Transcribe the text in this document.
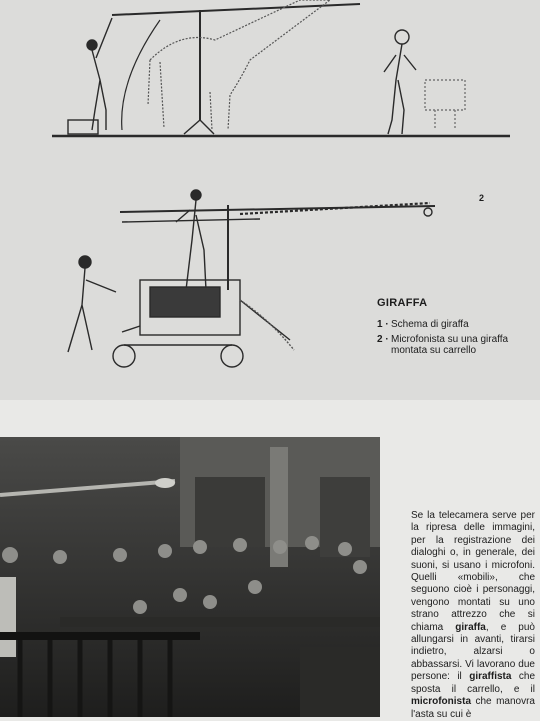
2
GIRAFFA
1 · Schema di giraffa
2 · Microfonista su una giraffa montata su carrello
Se la telecamera serve per la ripresa delle immagini, per la registrazione dei dialoghi o, in generale, dei suoni, si usano i microfoni. Quelli «mobili», che seguono cioè i personaggi, vengono montati su uno strano attrezzo che si chiama giraffa, e può allungarsi in avanti, tirarsi indietro, alzarsi o abbassarsi. Vi lavorano due persone: il giraffista che sposta il carrello, e il microfonista che manovra l'asta su cui è
